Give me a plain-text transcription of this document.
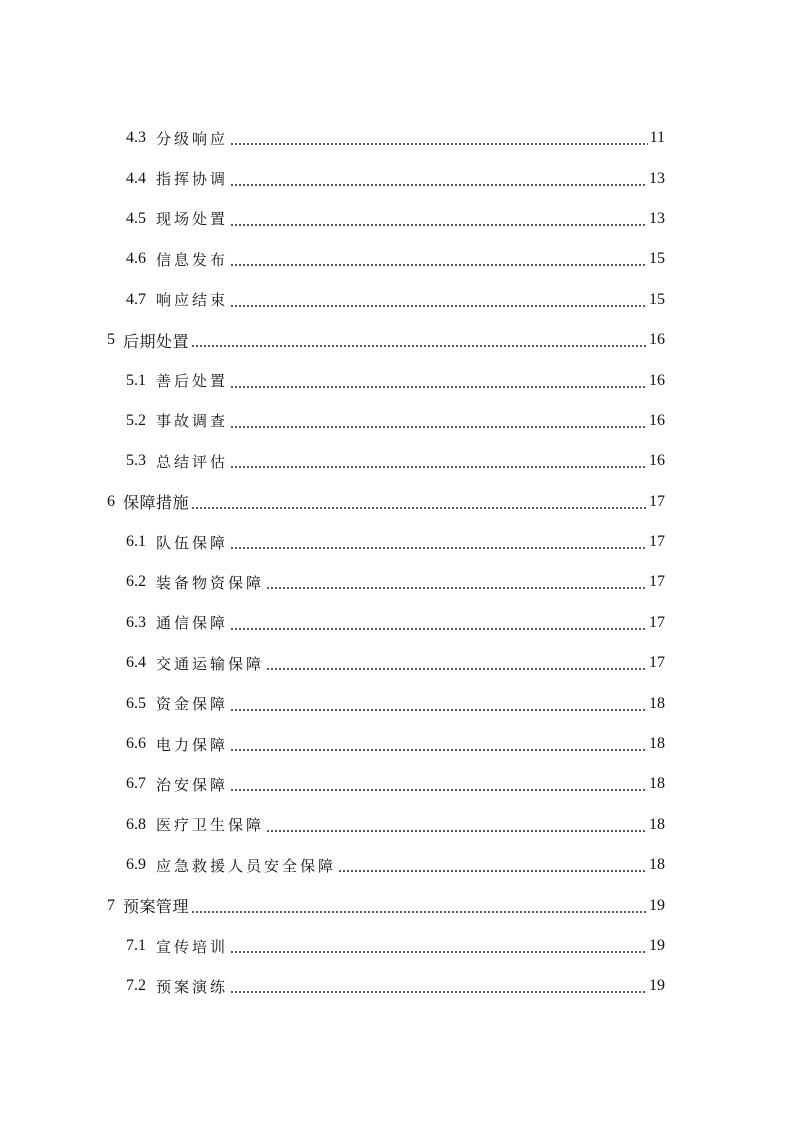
4.3 分级响应	11
4.4 指挥协调	13
4.5 现场处置	13
4.6 信息发布	15
4.7 响应结束	15
5 后期处置	16
5.1 善后处置	16
5.2 事故调查	16
5.3 总结评估	16
6 保障措施	17
6.1 队伍保障	17
6.2 装备物资保障	17
6.3 通信保障	17
6.4 交通运输保障	17
6.5 资金保障	18
6.6 电力保障	18
6.7 治安保障	18
6.8 医疗卫生保障	18
6.9 应急救援人员安全保障	18
7 预案管理	19
7.1 宣传培训	19
7.2 预案演练	19
